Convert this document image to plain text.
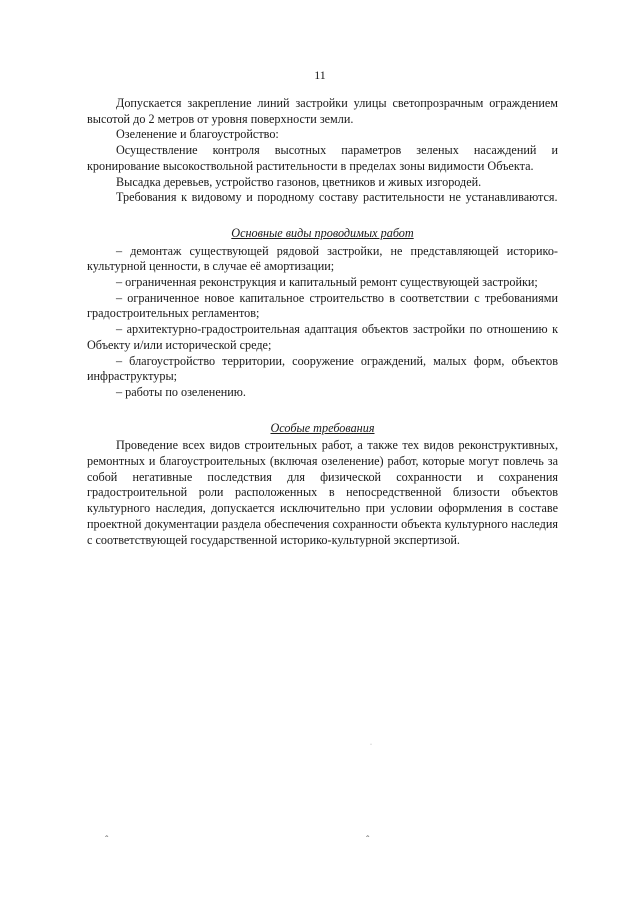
11

Допускается закрепление линий застройки улицы светопрозрачным ограждением высотой до 2 метров от уровня поверхности земли.

Озеленение и благоустройство:

Осуществление контроля высотных параметров зеленых насаждений и кронирование высокоствольной растительности в пределах зоны видимости Объекта.

Высадка деревьев, устройство газонов, цветников и живых изгородей.

Требования к видовому и породному составу растительности не устанавливаются.

Основные виды проводимых работ

– демонтаж существующей рядовой застройки, не представляющей историко-культурной ценности, в случае её амортизации;

– ограниченная реконструкция и капитальный ремонт существующей застройки;

– ограниченное новое капитальное строительство в соответствии с требованиями градостроительных регламентов;

– архитектурно-градостроительная адаптация объектов застройки по отношению к Объекту и/или исторической среде;

– благоустройство территории, сооружение ограждений, малых форм, объектов инфраструктуры;

– работы по озеленению.

Особые требования

Проведение всех видов строительных работ, а также тех видов реконструктивных, ремонтных и благоустроительных (включая озеленение) работ, которые могут повлечь за собой негативные последствия для физической сохранности и сохранения градостроительной роли расположенных в непосредственной близости объектов культурного наследия, допускается исключительно при условии оформления в составе проектной документации раздела обеспечения сохранности объекта культурного наследия с соответствующей государственной историко-культурной экспертизой.

ˆ	ˆ
·
